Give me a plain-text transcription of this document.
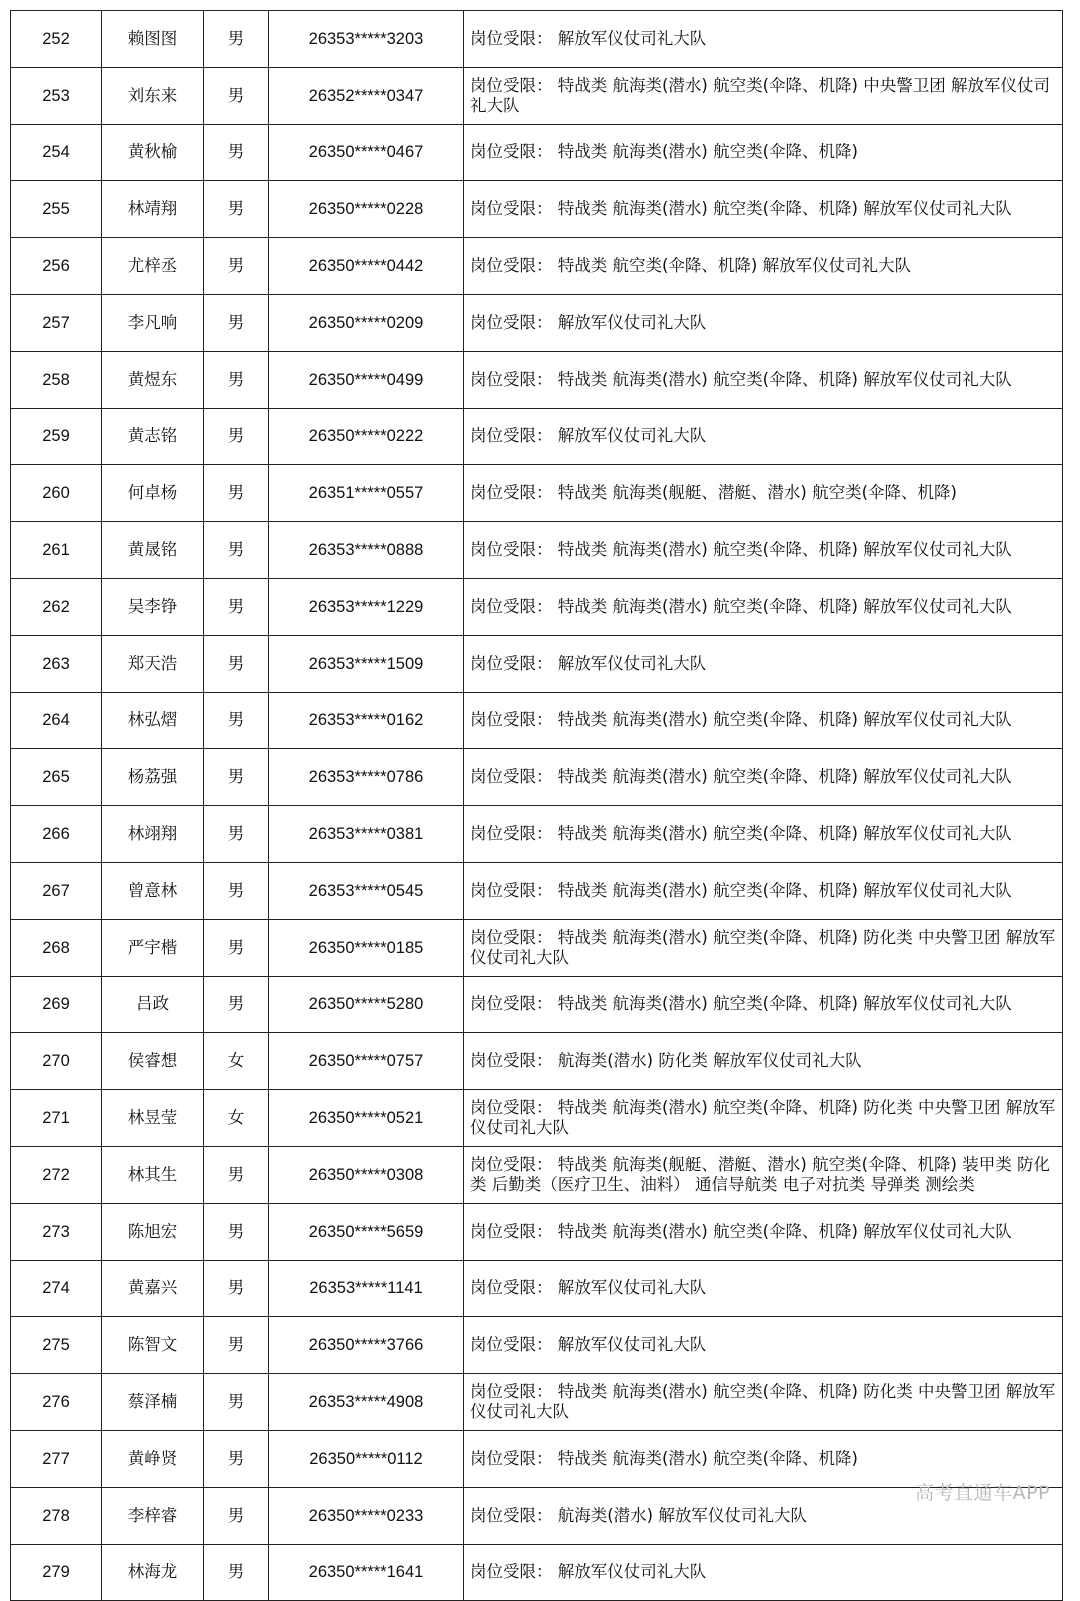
252	赖图图	男	26353*****3203	岗位受限： 解放军仪仗司礼大队
253	刘东来	男	26352*****0347	岗位受限： 特战类 航海类(潜水) 航空类(伞降、机降) 中央警卫团 解放军仪仗司礼大队
254	黄秋榆	男	26350*****0467	岗位受限： 特战类 航海类(潜水) 航空类(伞降、机降)
255	林靖翔	男	26350*****0228	岗位受限： 特战类 航海类(潜水) 航空类(伞降、机降) 解放军仪仗司礼大队
256	尤梓丞	男	26350*****0442	岗位受限： 特战类 航空类(伞降、机降) 解放军仪仗司礼大队
257	李凡响	男	26350*****0209	岗位受限： 解放军仪仗司礼大队
258	黄煜东	男	26350*****0499	岗位受限： 特战类 航海类(潜水) 航空类(伞降、机降) 解放军仪仗司礼大队
259	黄志铭	男	26350*****0222	岗位受限： 解放军仪仗司礼大队
260	何卓杨	男	26351*****0557	岗位受限： 特战类 航海类(舰艇、潜艇、潜水) 航空类(伞降、机降)
261	黄晟铭	男	26353*****0888	岗位受限： 特战类 航海类(潜水) 航空类(伞降、机降) 解放军仪仗司礼大队
262	吴李铮	男	26353*****1229	岗位受限： 特战类 航海类(潜水) 航空类(伞降、机降) 解放军仪仗司礼大队
263	郑天浩	男	26353*****1509	岗位受限： 解放军仪仗司礼大队
264	林弘熠	男	26353*****0162	岗位受限： 特战类 航海类(潜水) 航空类(伞降、机降) 解放军仪仗司礼大队
265	杨荔强	男	26353*****0786	岗位受限： 特战类 航海类(潜水) 航空类(伞降、机降) 解放军仪仗司礼大队
266	林翊翔	男	26353*****0381	岗位受限： 特战类 航海类(潜水) 航空类(伞降、机降) 解放军仪仗司礼大队
267	曾意林	男	26353*****0545	岗位受限： 特战类 航海类(潜水) 航空类(伞降、机降) 解放军仪仗司礼大队
268	严宇楷	男	26350*****0185	岗位受限： 特战类 航海类(潜水) 航空类(伞降、机降) 防化类 中央警卫团 解放军仪仗司礼大队
269	吕政	男	26350*****5280	岗位受限： 特战类 航海类(潜水) 航空类(伞降、机降) 解放军仪仗司礼大队
270	侯睿想	女	26350*****0757	岗位受限： 航海类(潜水) 防化类 解放军仪仗司礼大队
271	林昱莹	女	26350*****0521	岗位受限： 特战类 航海类(潜水) 航空类(伞降、机降) 防化类 中央警卫团 解放军仪仗司礼大队
272	林其生	男	26350*****0308	岗位受限： 特战类 航海类(舰艇、潜艇、潜水) 航空类(伞降、机降) 装甲类 防化类 后勤类（医疗卫生、油料） 通信导航类 电子对抗类 导弹类 测绘类
273	陈旭宏	男	26350*****5659	岗位受限： 特战类 航海类(潜水) 航空类(伞降、机降) 解放军仪仗司礼大队
274	黄嘉兴	男	26353*****1141	岗位受限： 解放军仪仗司礼大队
275	陈智文	男	26350*****3766	岗位受限： 解放军仪仗司礼大队
276	蔡泽楠	男	26353*****4908	岗位受限： 特战类 航海类(潜水) 航空类(伞降、机降) 防化类 中央警卫团 解放军仪仗司礼大队
277	黄峥贤	男	26350*****0112	岗位受限： 特战类 航海类(潜水) 航空类(伞降、机降)
278	李梓睿	男	26350*****0233	岗位受限： 航海类(潜水) 解放军仪仗司礼大队
279	林海龙	男	26350*****1641	岗位受限： 解放军仪仗司礼大队
高考直通车APP
